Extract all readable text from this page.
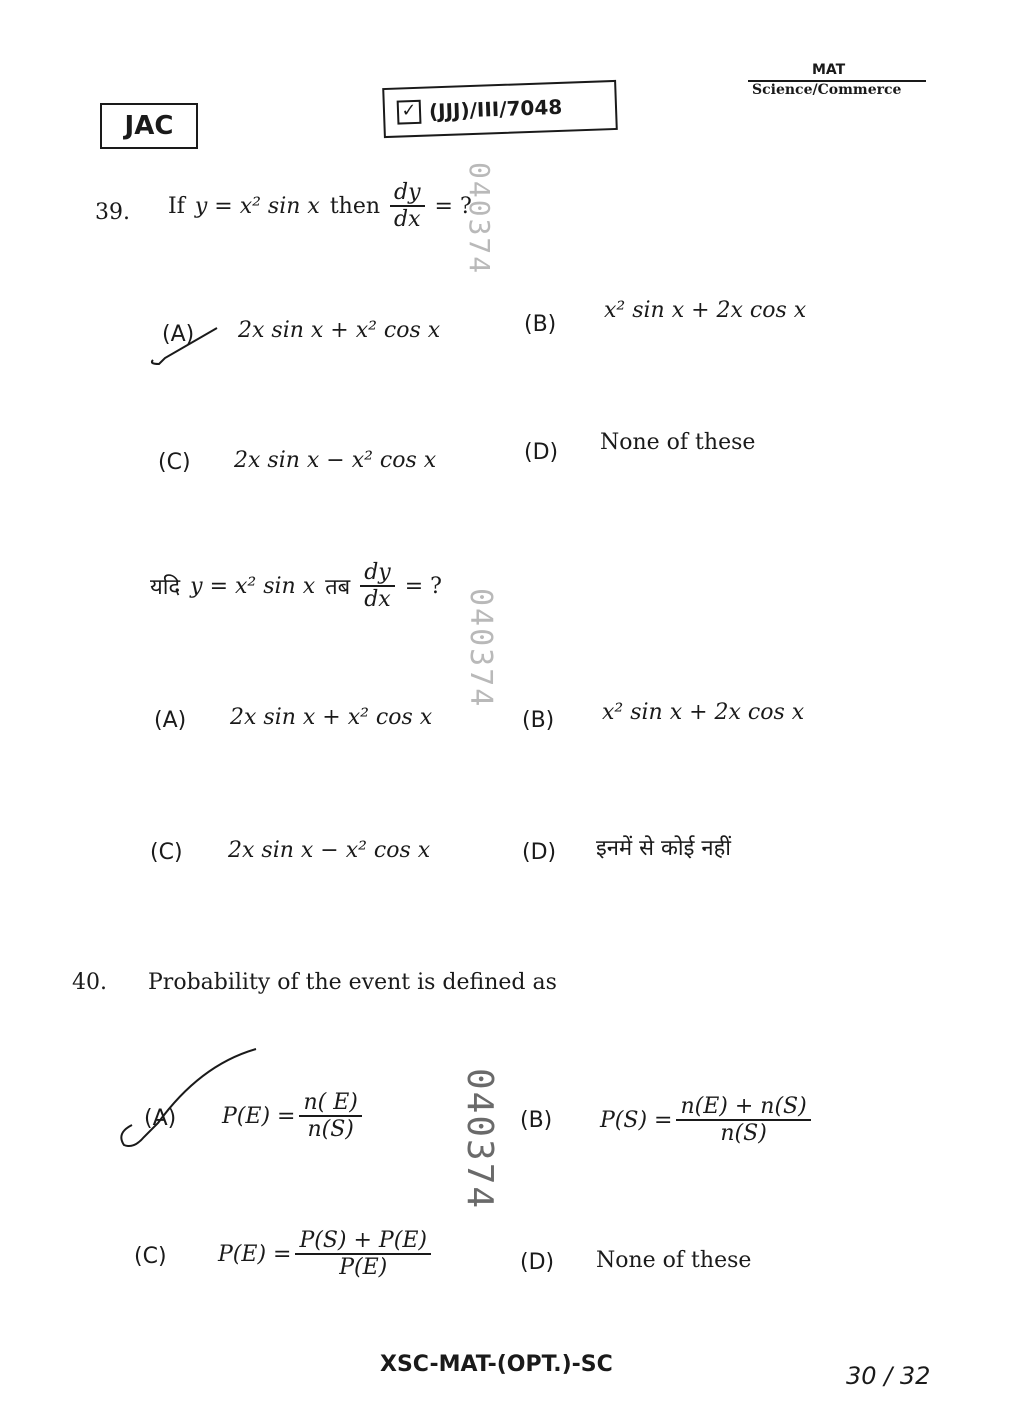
JAC
✓ (JJJ)/III/7048
MAT
Science/Commerce
39. If y = x² sin x then $\frac{dy}{dx}$ = ?
(A) 2x sin x + x² cos x	(B)
x² sin x + 2x cos x
(C) 2x sin x − x² cos x	(D) None of these
यदि y = x² sin x तब $\frac{dy}{dx}$ = ?
(A) 2x sin x + x² cos x	(B) x² sin x + 2x cos x
(C) 2x sin x − x² cos x	(D) इनमें से कोई नहीं
40. Probability of the event is defined as
(A) $P(E) = \frac{n( E)}{n(S)}$	(B) $P(S) = \frac{n(E) + n(S)}{n(S)}$
(C) $P(E) = \frac{P(S) + P(E)}{P(E)}$	(D) None of these
040374
040374
040374
XSC-MAT-(OPT.)-SC	30 / 32
